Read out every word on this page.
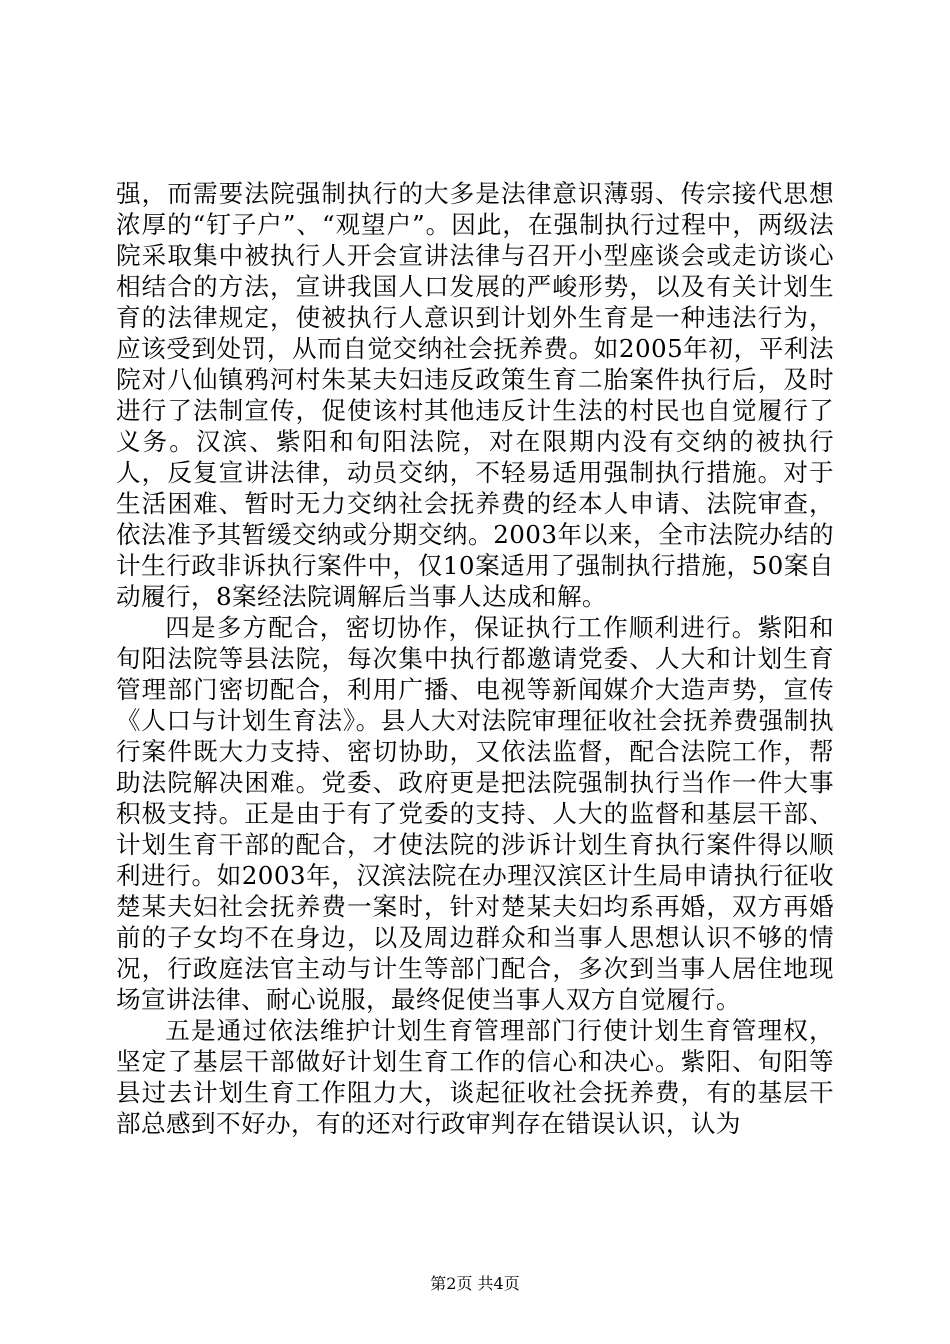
强，而需要法院强制执行的大多是法律意识薄弱、传宗接代思想浓厚的“钉子户”、“观望户”。因此，在强制执行过程中，两级法院采取集中被执行人开会宣讲法律与召开小型座谈会或走访谈心相结合的方法，宣讲我国人口发展的严峻形势，以及有关计划生育的法律规定，使被执行人意识到计划外生育是一种违法行为，应该受到处罚，从而自觉交纳社会抚养费。如2005年初，平利法院对八仙镇鸦河村朱某夫妇违反政策生育二胎案件执行后，及时进行了法制宣传，促使该村其他违反计生法的村民也自觉履行了义务。汉滨、紫阳和旬阳法院，对在限期内没有交纳的被执行人，反复宣讲法律，动员交纳，不轻易适用强制执行措施。对于生活困难、暂时无力交纳社会抚养费的经本人申请、法院审查，依法准予其暂缓交纳或分期交纳。2003年以来，全市法院办结的计生行政非诉执行案件中，仅10案适用了强制执行措施，50案自动履行，8案经法院调解后当事人达成和解。

四是多方配合，密切协作，保证执行工作顺利进行。紫阳和旬阳法院等县法院，每次集中执行都邀请党委、人大和计划生育管理部门密切配合，利用广播、电视等新闻媒介大造声势，宣传《人口与计划生育法》。县人大对法院审理征收社会抚养费强制执行案件既大力支持、密切协助，又依法监督，配合法院工作，帮助法院解决困难。党委、政府更是把法院强制执行当作一件大事积极支持。正是由于有了党委的支持、人大的监督和基层干部、计划生育干部的配合，才使法院的涉诉计划生育执行案件得以顺利进行。如2003年，汉滨法院在办理汉滨区计生局申请执行征收楚某夫妇社会抚养费一案时，针对楚某夫妇均系再婚，双方再婚前的子女均不在身边，以及周边群众和当事人思想认识不够的情况，行政庭法官主动与计生等部门配合，多次到当事人居住地现场宣讲法律、耐心说服，最终促使当事人双方自觉履行。

五是通过依法维护计划生育管理部门行使计划生育管理权，坚定了基层干部做好计划生育工作的信心和决心。紫阳、旬阳等县过去计划生育工作阻力大，谈起征收社会抚养费，有的基层干部总感到不好办，有的还对行政审判存在错误认识，认为

第2页 共4页
